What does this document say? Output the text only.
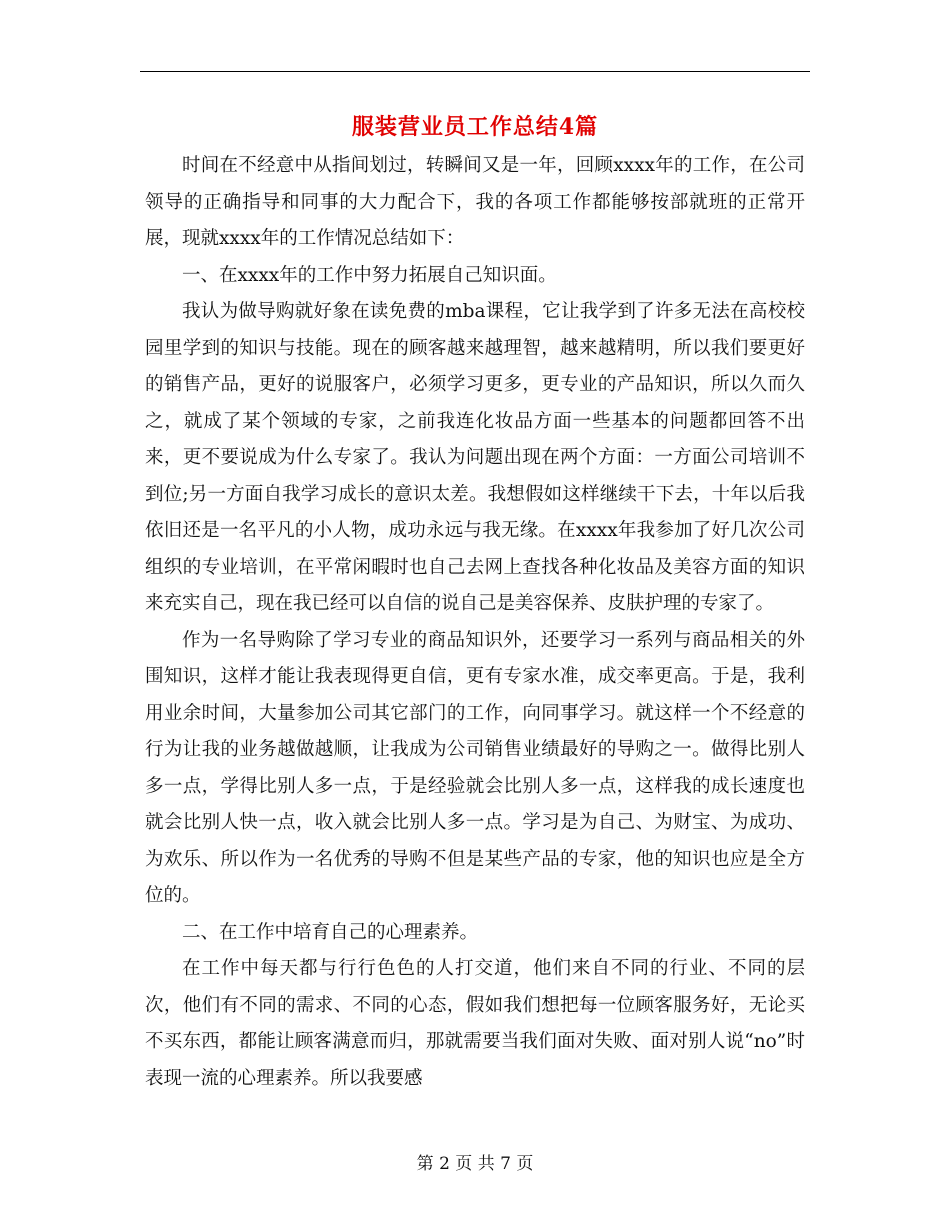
服装营业员工作总结4篇

时间在不经意中从指间划过，转瞬间又是一年，回顾xxxx年的工作，在公司领导的正确指导和同事的大力配合下，我的各项工作都能够按部就班的正常开展，现就xxxx年的工作情况总结如下：

一、在xxxx年的工作中努力拓展自己知识面。

我认为做导购就好象在读免费的mba课程，它让我学到了许多无法在高校校园里学到的知识与技能。现在的顾客越来越理智，越来越精明，所以我们要更好的销售产品，更好的说服客户，必须学习更多，更专业的产品知识，所以久而久之，就成了某个领域的专家，之前我连化妆品方面一些基本的问题都回答不出来，更不要说成为什么专家了。我认为问题出现在两个方面：一方面公司培训不到位;另一方面自我学习成长的意识太差。我想假如这样继续干下去，十年以后我依旧还是一名平凡的小人物，成功永远与我无缘。在xxxx年我参加了好几次公司组织的专业培训，在平常闲暇时也自己去网上查找各种化妆品及美容方面的知识来充实自己，现在我已经可以自信的说自己是美容保养、皮肤护理的专家了。

作为一名导购除了学习专业的商品知识外，还要学习一系列与商品相关的外围知识，这样才能让我表现得更自信，更有专家水准，成交率更高。于是，我利用业余时间，大量参加公司其它部门的工作，向同事学习。就这样一个不经意的行为让我的业务越做越顺，让我成为公司销售业绩最好的导购之一。做得比别人多一点，学得比别人多一点，于是经验就会比别人多一点，这样我的成长速度也就会比别人快一点，收入就会比别人多一点。学习是为自己、为财宝、为成功、为欢乐、所以作为一名优秀的导购不但是某些产品的专家，他的知识也应是全方位的。

二、在工作中培育自己的心理素养。

在工作中每天都与行行色色的人打交道，他们来自不同的行业、不同的层次，他们有不同的需求、不同的心态，假如我们想把每一位顾客服务好，无论买不买东西，都能让顾客满意而归，那就需要当我们面对失败、面对别人说“no”时表现一流的心理素养。所以我要感

第 2 页 共 7 页
